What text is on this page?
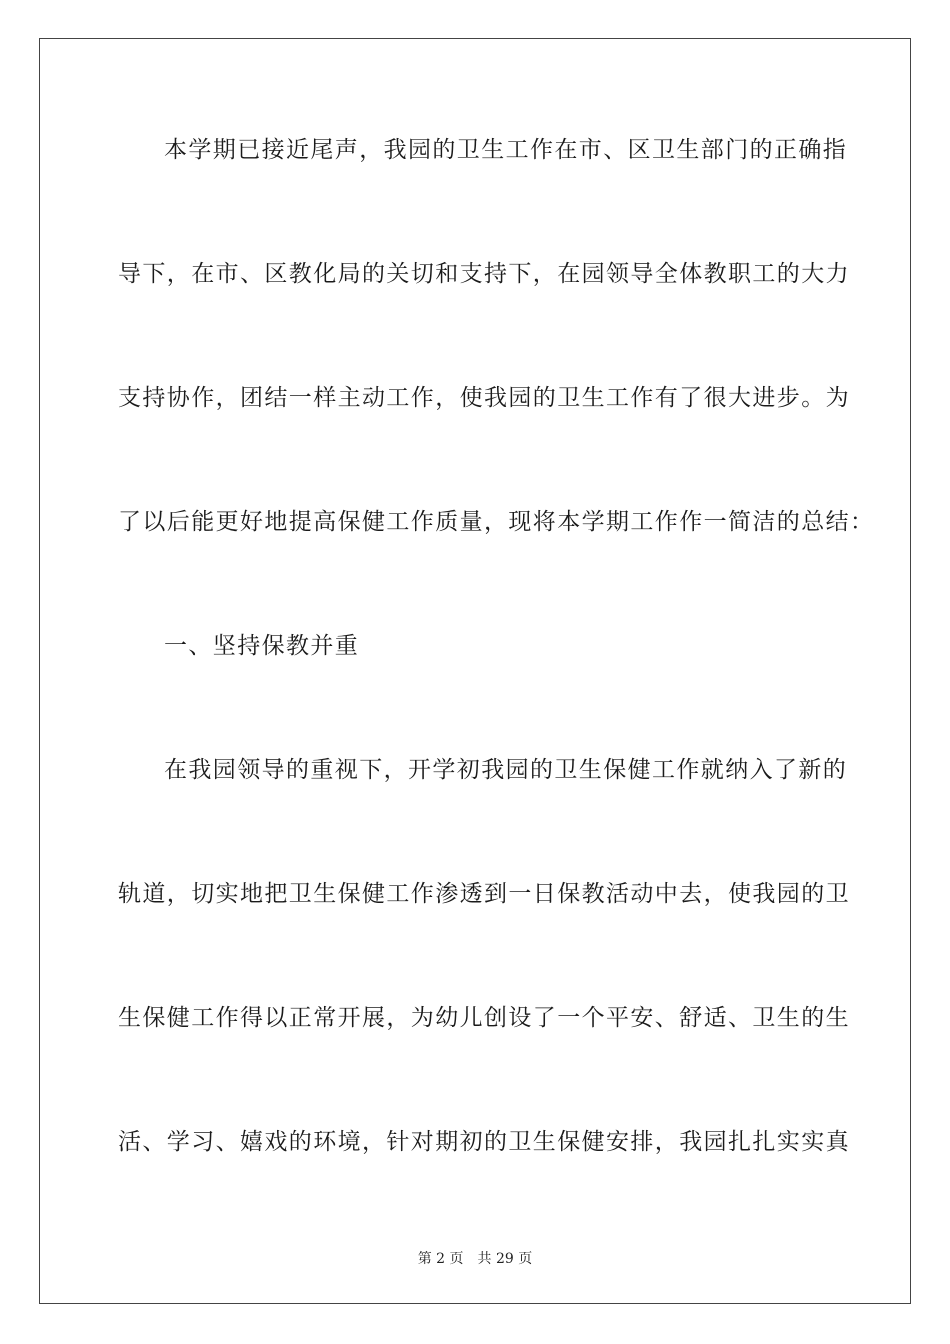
本学期已接近尾声，我园的卫生工作在市、区卫生部门的正确指
导下，在市、区教化局的关切和支持下，在园领导全体教职工的大力
支持协作，团结一样主动工作，使我园的卫生工作有了很大进步。为
了以后能更好地提高保健工作质量，现将本学期工作作一简洁的总结：
一、坚持保教并重
在我园领导的重视下，开学初我园的卫生保健工作就纳入了新的
轨道，切实地把卫生保健工作渗透到一日保教活动中去，使我园的卫
生保健工作得以正常开展，为幼儿创设了一个平安、舒适、卫生的生
活、学习、嬉戏的环境，针对期初的卫生保健安排，我园扎扎实实真
第 2 页 共 29 页
